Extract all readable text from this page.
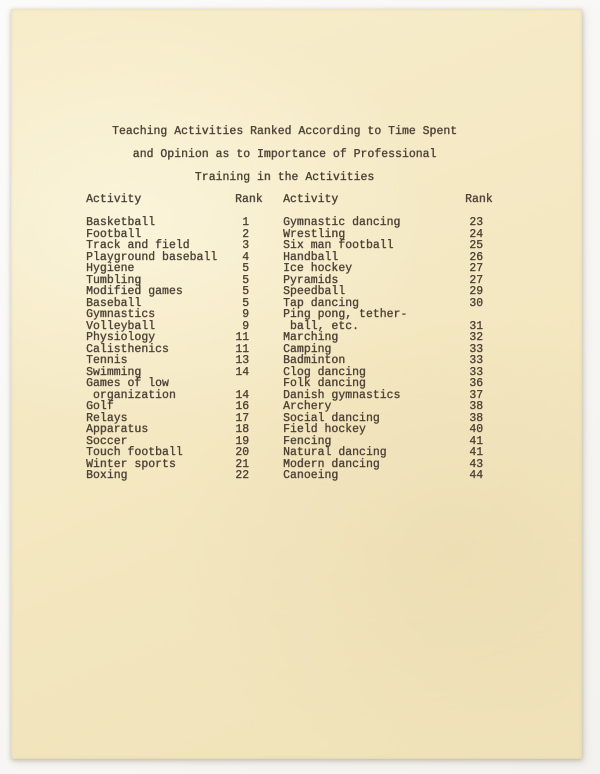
Teaching Activities Ranked According to Time Spent
and Opinion as to Importance of Professional
Training in the Activities
Activity	Rank Activity	Rank
Basketball	1
Football	2
Track and field	3
Playground baseball 4
Hygiene	5
Tumbling	5
Modified games	5
Baseball	5
Gymnastics	9
Volleyball	9
Physiology	11
Calisthenics	11
Tennis	13
Swimming	14
Games of low
organization	14
Golf	16
Relays	17
Apparatus	18
Soccer	19
Touch football	20
Winter sports	21
Boxing	22
Gymnastic dancing	23
Wrestling	24
Six man football	25
Handball	26
Ice hockey	27
Pyramids	27
Speedball	29
Tap dancing	30
Ping pong, tether-
ball, etc.	31
Marching	32
Camping	33
Badminton	33
Clog dancing	33
Folk dancing	36
Danish gymnastics	37
Archery	38
Social dancing	38
Field hockey	40
Fencing	41
Natural dancing	41
Modern dancing	43
Canoeing	44
